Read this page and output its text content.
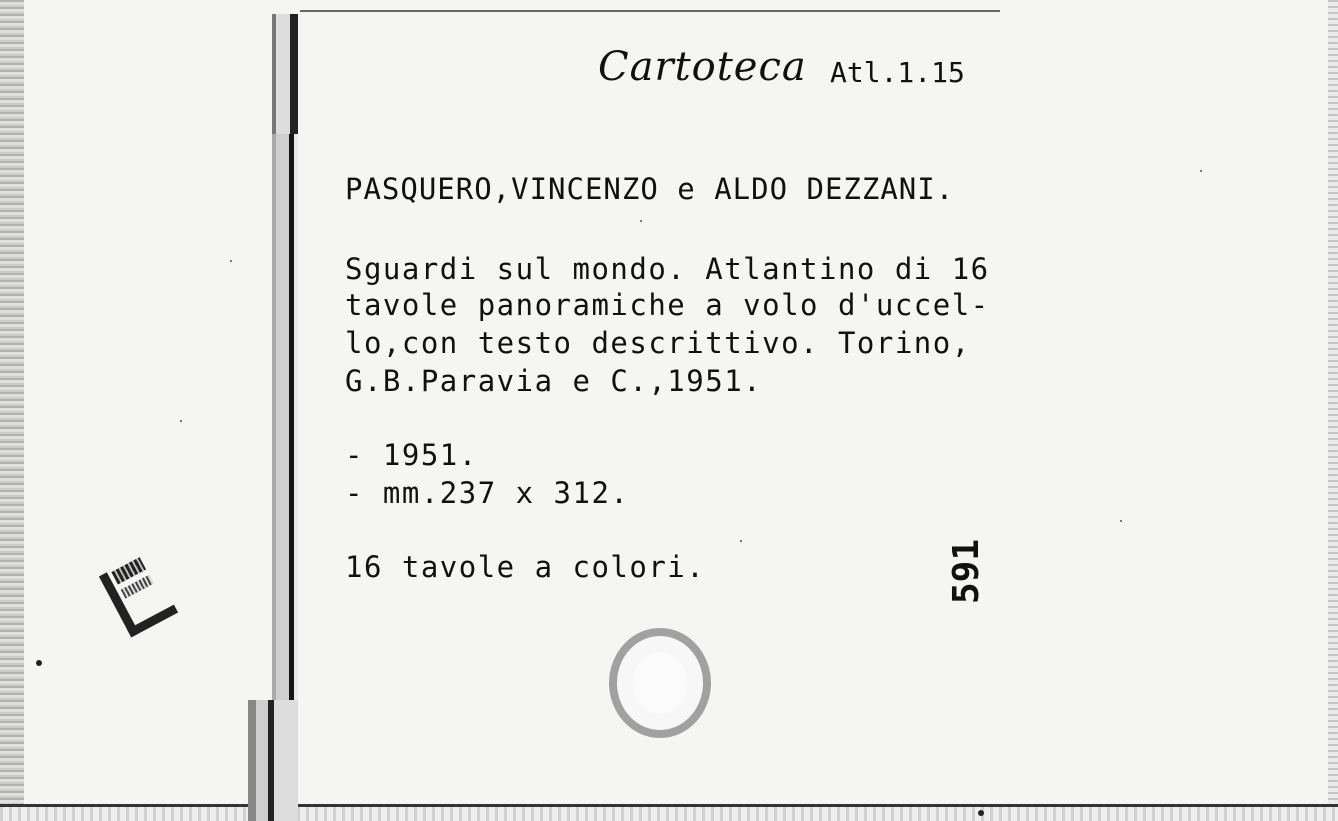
Cartoteca Atl.1.15
PASQUERO,VINCENZO e ALDO DEZZANI.
Sguardi sul mondo. Atlantino di 16
tavole panoramiche a volo d'uccel-
lo,con testo descrittivo. Torino,
G.B.Paravia e C.,1951.
- 1951.
- mm.237 x 312.
16 tavole a colori.	591
